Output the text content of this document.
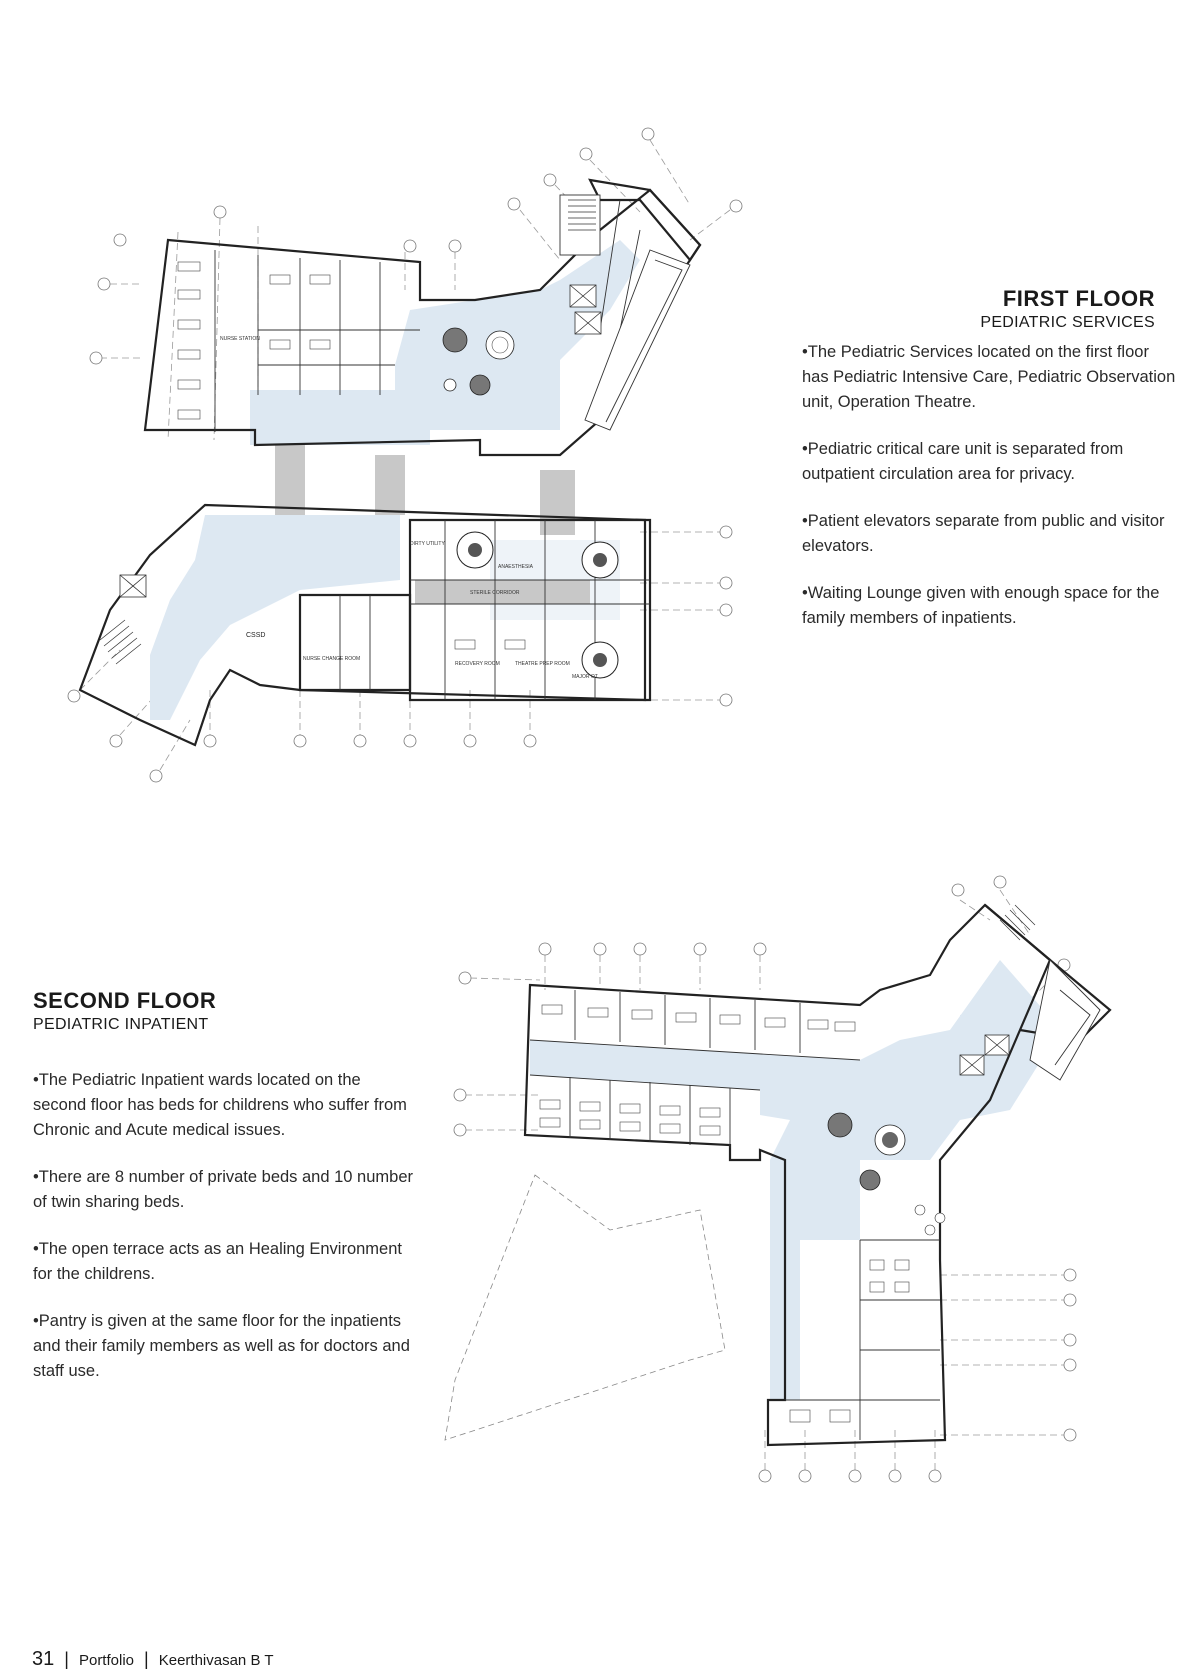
CSSD
DIRTY UTILITY
STERILE CORRIDOR
NURSE CHANGE ROOM
ANAESTHESIA
MAJOR OT
THEATRE PREP ROOM
RECOVERY ROOM
NURSE STATION
FIRST FLOOR
PEDIATRIC SERVICES
•The Pediatric Services located on the first floor has Pediatric Intensive Care, Pediatric Observation unit, Operation Theatre.
•Pediatric critical care unit is separated from outpatient circulation area for privacy.
•Patient elevators separate from public and visitor elevators.
•Waiting Lounge given with enough space for the family members of inpatients.
SECOND FLOOR
PEDIATRIC INPATIENT
•The Pediatric Inpatient wards located on the second floor has beds for childrens who suffer from Chronic and Acute medical issues.
•There are 8 number of private beds and 10 number of twin sharing beds.
•The open terrace acts as an Healing Environment for the childrens.
•Pantry is given at the same floor for the inpatients and their family members as well as for doctors and staff use.
31 | Portfolio | Keerthivasan B T
